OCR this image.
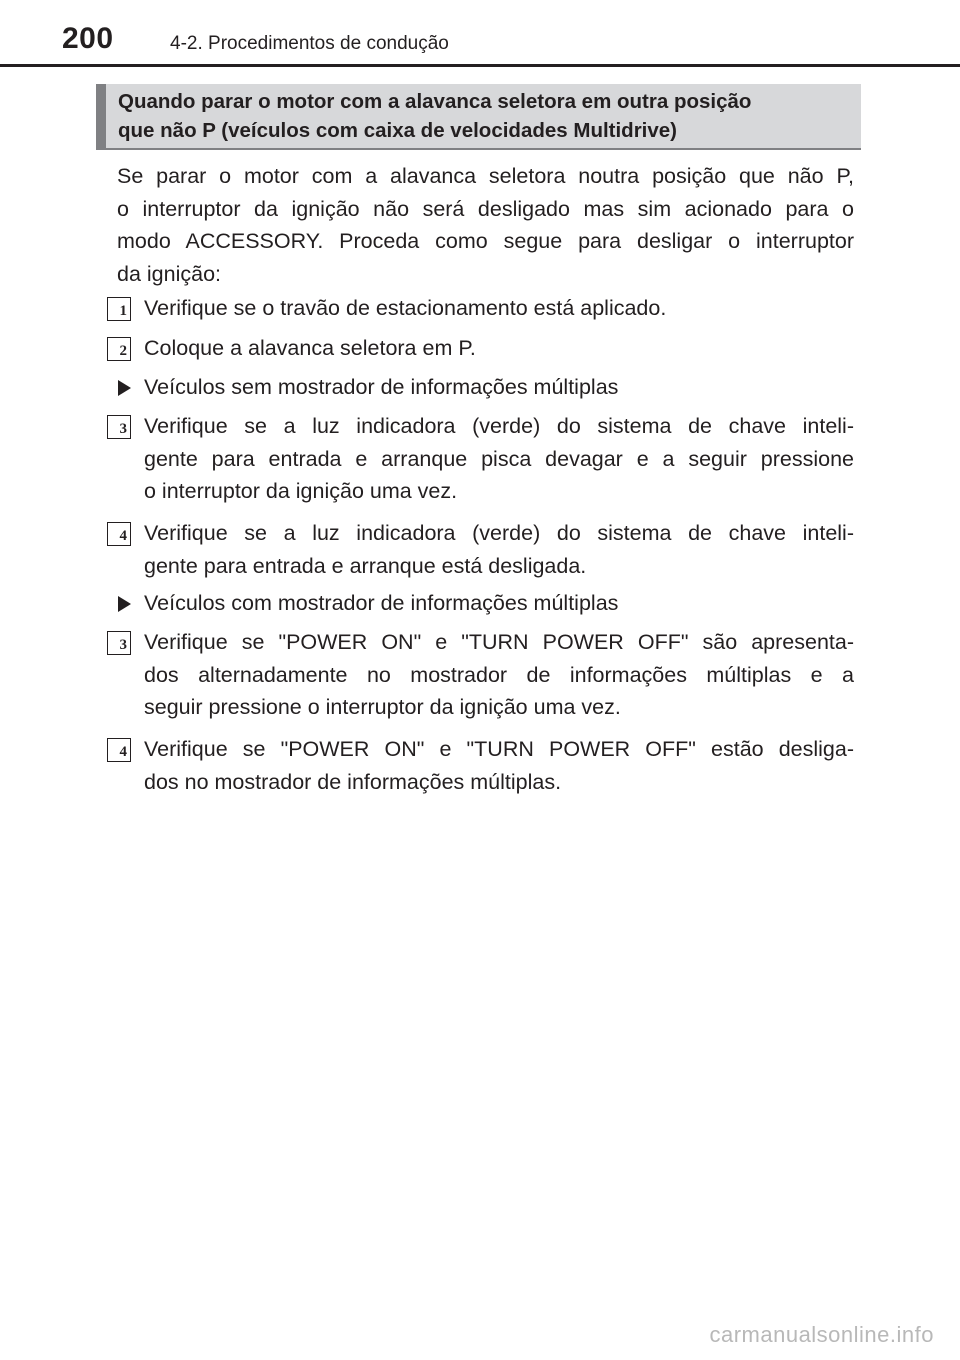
200	4-2. Procedimentos de condução
Quando parar o motor com a alavanca seletora em outra posição
que não P (veículos com caixa de velocidades Multidrive)
Se parar o motor com a alavanca seletora noutra posição que não P,
o interruptor da ignição não será desligado mas sim acionado para o
modo ACCESSORY. Proceda como segue para desligar o interruptor
da ignição:
1 Verifique se o travão de estacionamento está aplicado.
2 Coloque a alavanca seletora em P.
Veículos sem mostrador de informações múltiplas
3 Verifique se a luz indicadora (verde) do sistema de chave inteli-
gente para entrada e arranque pisca devagar e a seguir pressione
o interruptor da ignição uma vez.
4 Verifique se a luz indicadora (verde) do sistema de chave inteli-
gente para entrada e arranque está desligada.
Veículos com mostrador de informações múltiplas
3 Verifique se "POWER ON" e "TURN POWER OFF" são apresenta-
dos alternadamente no mostrador de informações múltiplas e a
seguir pressione o interruptor da ignição uma vez.
4 Verifique se "POWER ON" e "TURN POWER OFF" estão desliga-
dos no mostrador de informações múltiplas.
carmanualsonline.info
